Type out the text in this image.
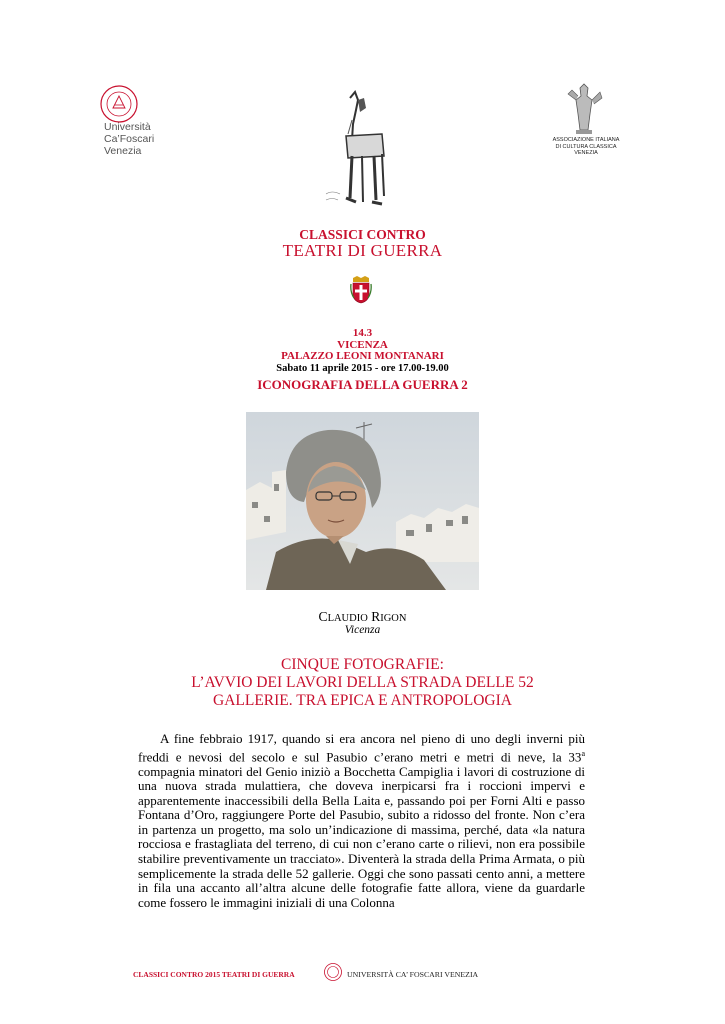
Università
Ca’Foscari
Venezia
ASSOCIAZIONE ITALIANA
DI CULTURA CLASSICA
VENEZIA
CLASSICI CONTRO
TEATRI DI GUERRA
14.3
VICENZA
PALAZZO LEONI MONTANARI
Sabato 11 aprile 2015 - ore 17.00-19.00
ICONOGRAFIA DELLA GUERRA 2
CLAUDIO RIGON
Vicenza
CINQUE FOTOGRAFIE:
L’AVVIO DEI LAVORI DELLA STRADA DELLE 52
GALLERIE. TRA EPICA E ANTROPOLOGIA

A fine febbraio 1917, quando si era ancora nel pieno di uno degli inverni più freddi e nevosi del secolo e sul Pasubio c’erano metri e metri di neve, la 33$^a$ compagnia minatori del Genio iniziò a Bocchetta Campiglia i lavori di costruzione di una nuova strada mulattiera, che doveva inerpicarsi fra i roccioni impervi e apparentemente inaccessibili della Bella Laita e, passando poi per Forni Alti e passo Fontana d’Oro, raggiungere Porte del Pasubio, subito a ridosso del fronte. Non c’era in partenza un progetto, ma solo un’indicazione di massima, perché, data «la natura rocciosa e frastagliata del terreno, di cui non c’erano carte o rilievi, non era possibile stabilire preventivamente un tracciato». Diventerà la strada della Prima Armata, o più semplicemente la strada delle 52 gallerie. Oggi che sono passati cento anni, a mettere in fila una accanto all’altra alcune delle fotografie fatte allora, viene da guardarle come fossero le immagini iniziali di una Colonna

CLASSICI CONTRO 2015 TEATRI DI GUERRA	UNIVERSITÀ CA’ FOSCARI VENEZIA
